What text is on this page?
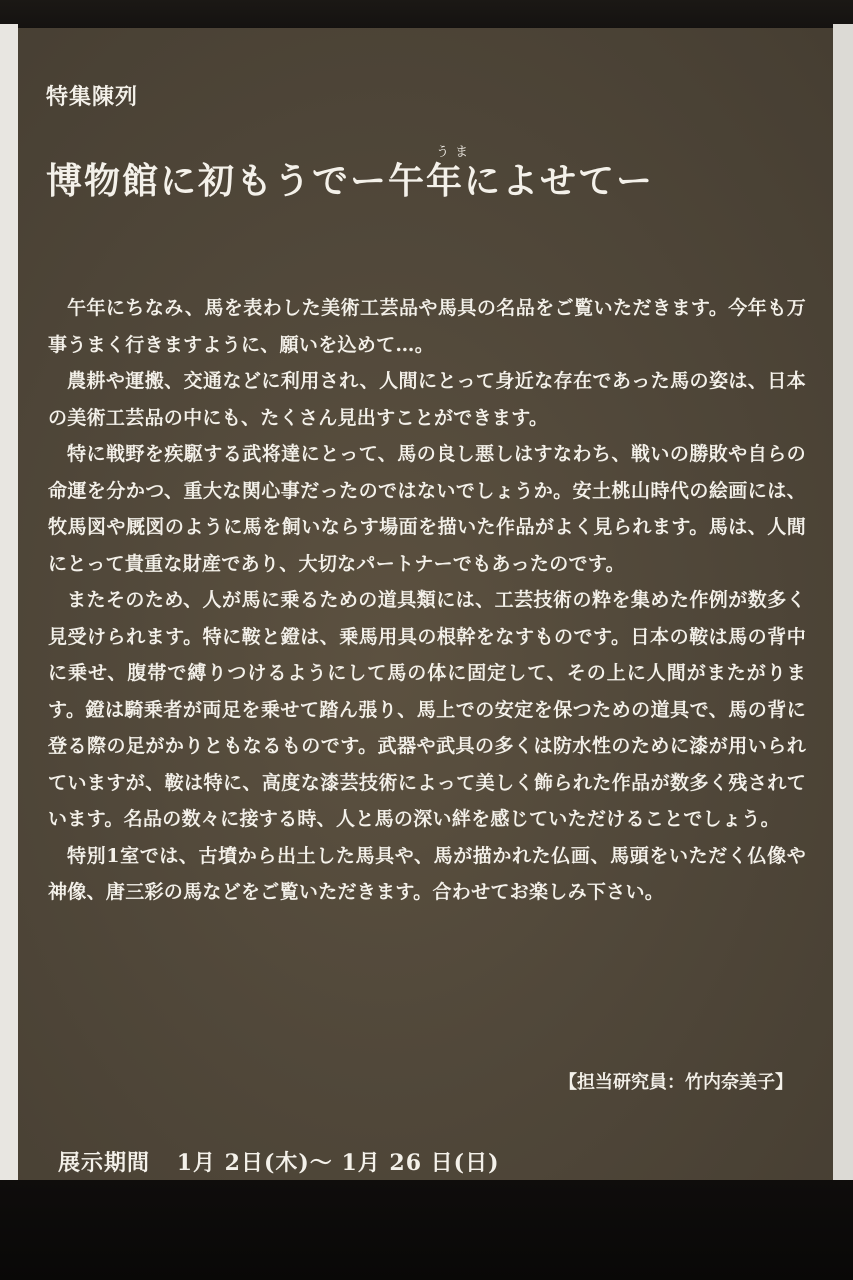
特集陳列
うま
博物館に初もうでー午年によせてー

午年にちなみ、馬を表わした美術工芸品や馬具の名品をご覧いただきます。今年も万事うまく行きますように、願いを込めて…。

農耕や運搬、交通などに利用され、人間にとって身近な存在であった馬の姿は、日本の美術工芸品の中にも、たくさん見出すことができます。

特に戦野を疾駆する武将達にとって、馬の良し悪しはすなわち、戦いの勝敗や自らの命運を分かつ、重大な関心事だったのではないでしょうか。安土桃山時代の絵画には、牧馬図や厩図のように馬を飼いならす場面を描いた作品がよく見られます。馬は、人間にとって貴重な財産であり、大切なパートナーでもあったのです。

またそのため、人が馬に乗るための道具類には、工芸技術の粋を集めた作例が数多く見受けられます。特に鞍と鐙は、乗馬用具の根幹をなすものです。日本の鞍は馬の背中に乗せ、腹帯で縛りつけるようにして馬の体に固定して、その上に人間がまたがります。鐙は騎乗者が両足を乗せて踏ん張り、馬上での安定を保つための道具で、馬の背に登る際の足がかりともなるものです。武器や武具の多くは防水性のために漆が用いられていますが、鞍は特に、高度な漆芸技術によって美しく飾られた作品が数多く残されています。名品の数々に接する時、人と馬の深い絆を感じていただけることでしょう。

特別1室では、古墳から出土した馬具や、馬が描かれた仏画、馬頭をいただく仏像や神像、唐三彩の馬などをご覧いただきます。合わせてお楽しみ下さい。

【担当研究員：竹内奈美子】
展示期間 1月 2日(木)～ 1月 26 日(日)
